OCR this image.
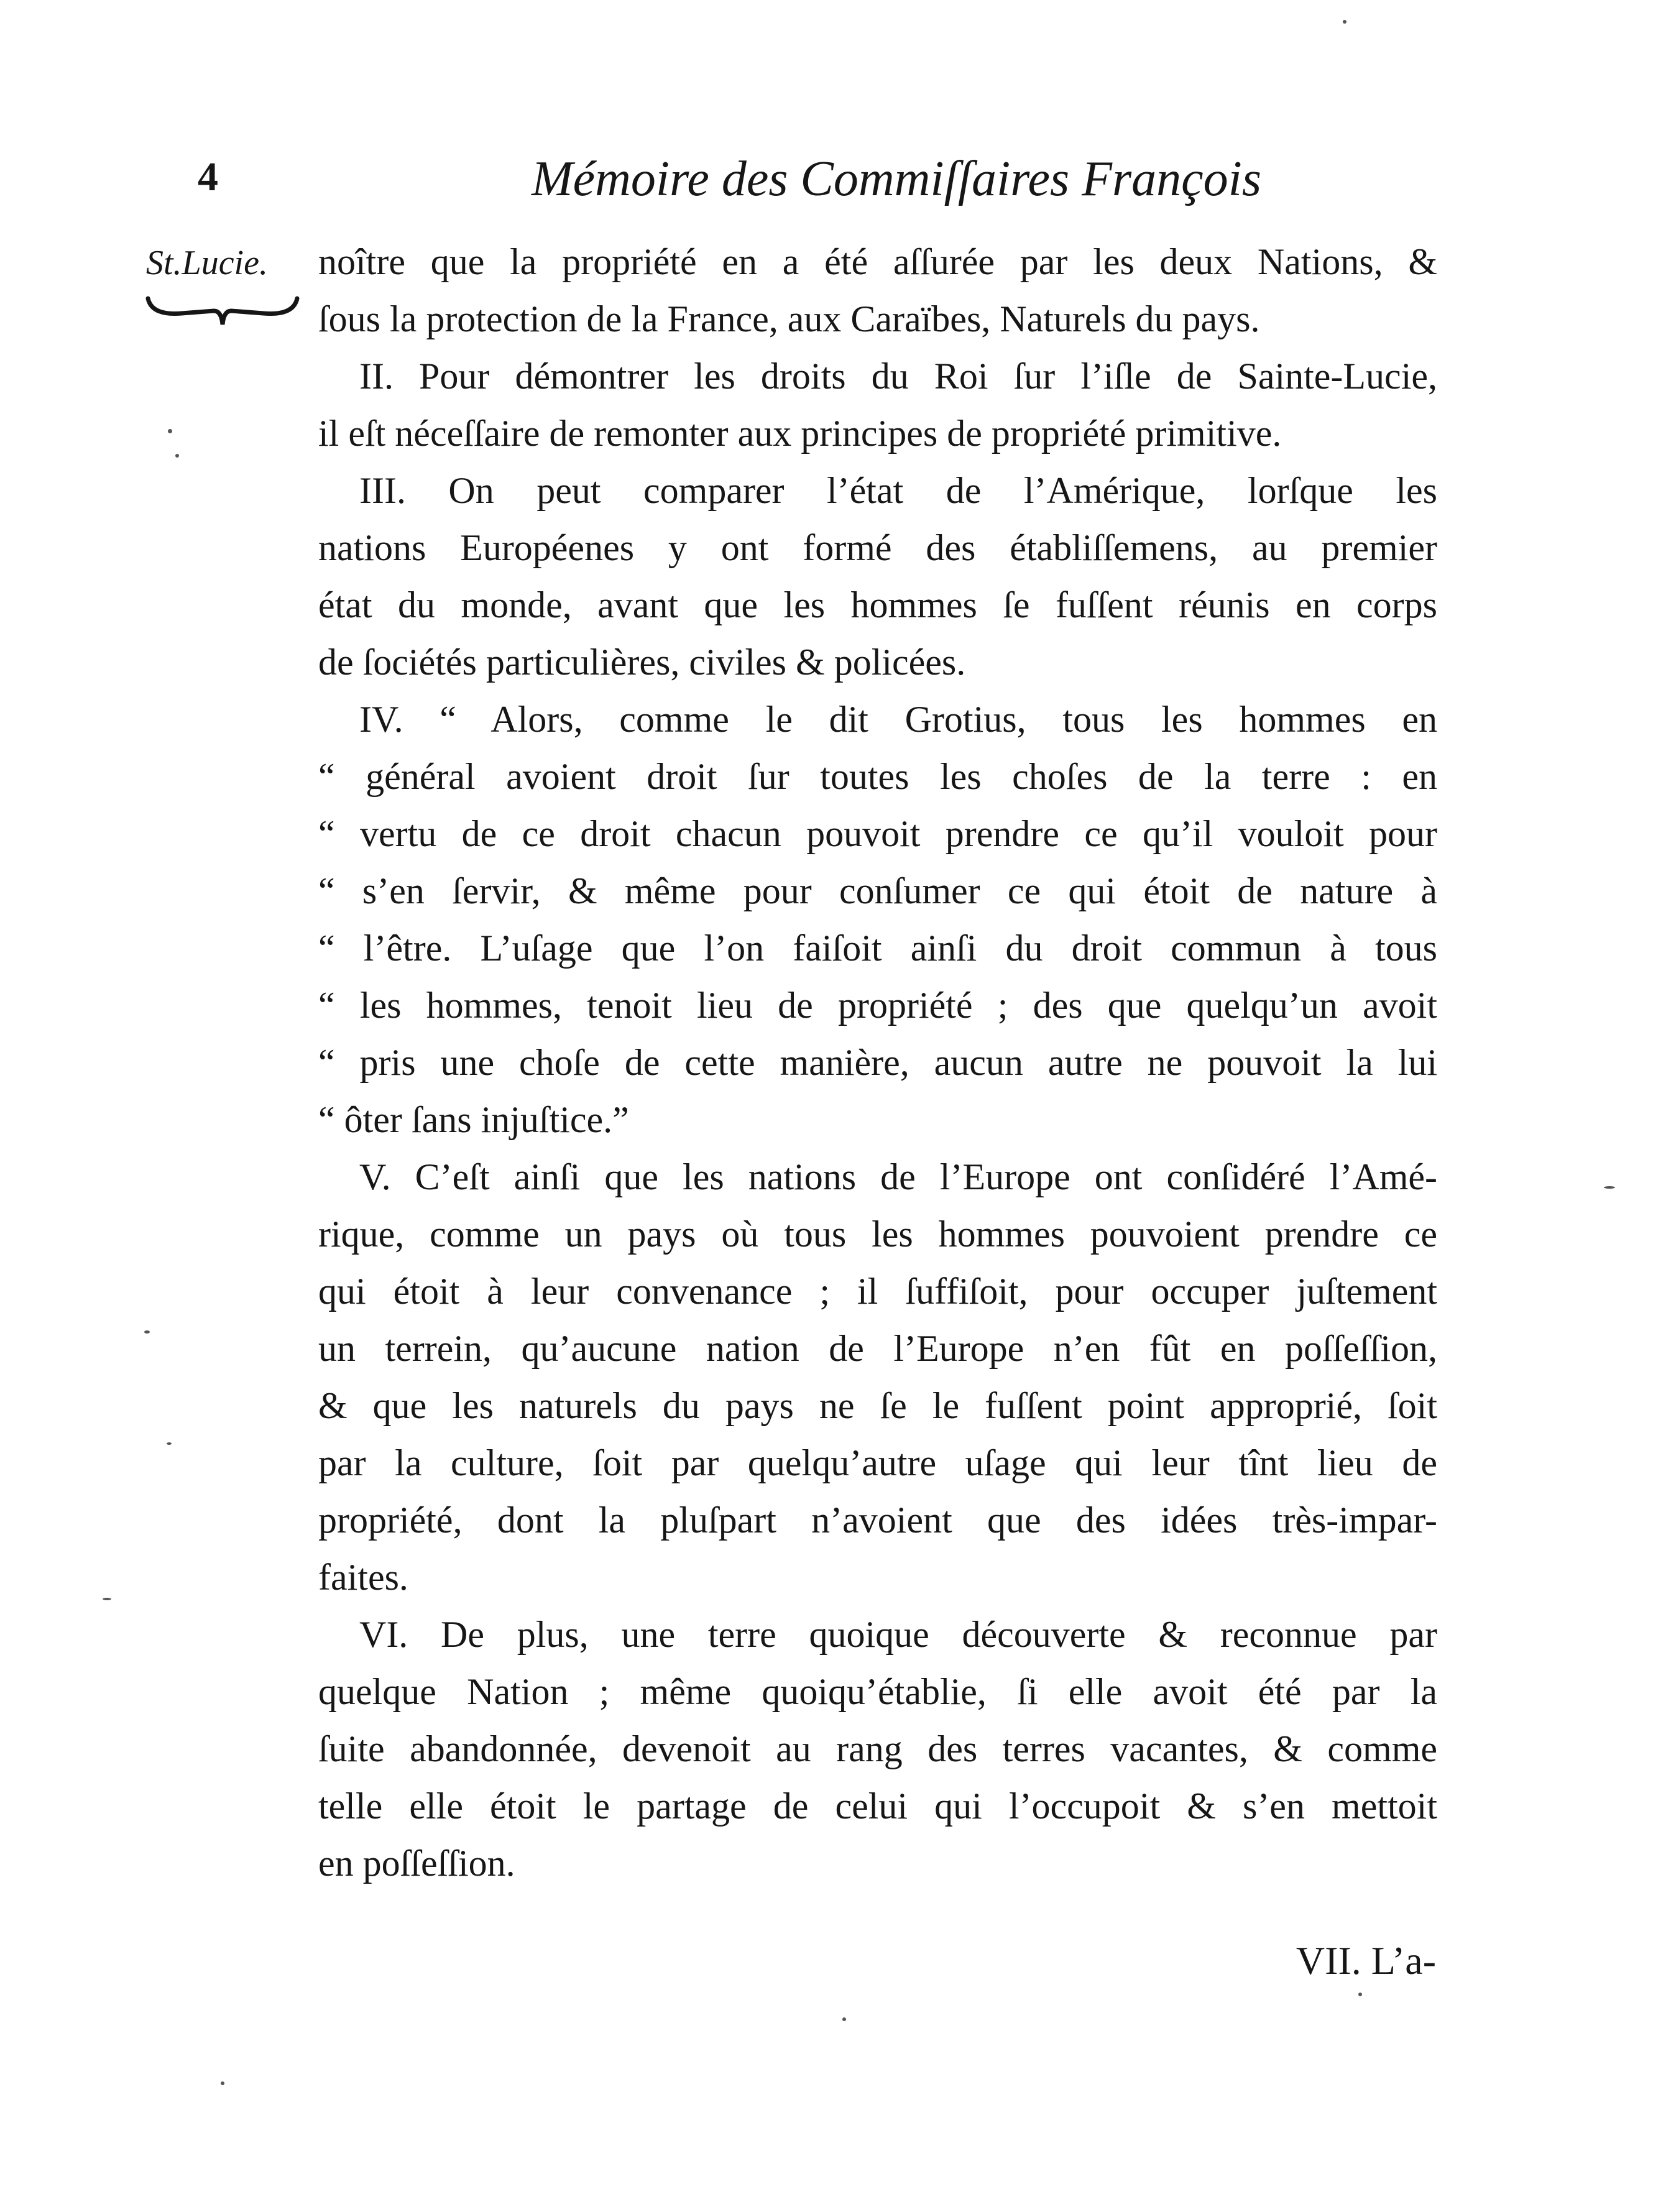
4	Mémoire des Commiſſaires François
St.Lucie. noître que la propriété en a été aſſurée par les deux Nations, &
ſous la protection de la France, aux Caraïbes, Naturels du pays.
II. Pour démontrer les droits du Roi ſur l’iſle de Sainte-Lucie,
il eſt néceſſaire de remonter aux principes de propriété primitive.
III. On peut comparer l’état de l’Amérique, lorſque les
nations Européenes y ont formé des établiſſemens, au premier
état du monde, avant que les hommes ſe fuſſent réunis en corps
de ſociétés particulières, civiles & policées.
IV. “ Alors, comme le dit Grotius, tous les hommes en
“ général avoient droit ſur toutes les choſes de la terre : en
“ vertu de ce droit chacun pouvoit prendre ce qu’il vouloit pour
“ s’en ſervir, & même pour conſumer ce qui étoit de nature à
“ l’être. L’uſage que l’on faiſoit ainſi du droit commun à tous
“ les hommes, tenoit lieu de propriété ; des que quelqu’un avoit
“ pris une choſe de cette manière, aucun autre ne pouvoit la lui
“ ôter ſans injuſtice.”
V. C’eſt ainſi que les nations de l’Europe ont conſidéré l’Amé-
rique, comme un pays où tous les hommes pouvoient prendre ce
qui étoit à leur convenance ; il ſuffiſoit, pour occuper juſtement
un terrein, qu’aucune nation de l’Europe n’en fût en poſſeſſion,
& que les naturels du pays ne ſe le fuſſent point approprié, ſoit
par la culture, ſoit par quelqu’autre uſage qui leur tînt lieu de
propriété, dont la pluſpart n’avoient que des idées très-impar-
faites.
VI. De plus, une terre quoique découverte & reconnue par
quelque Nation ; même quoiqu’établie, ſi elle avoit été par la
ſuite abandonnée, devenoit au rang des terres vacantes, & comme
telle elle étoit le partage de celui qui l’occupoit & s’en mettoit
en poſſeſſion.
VII. L’a-
